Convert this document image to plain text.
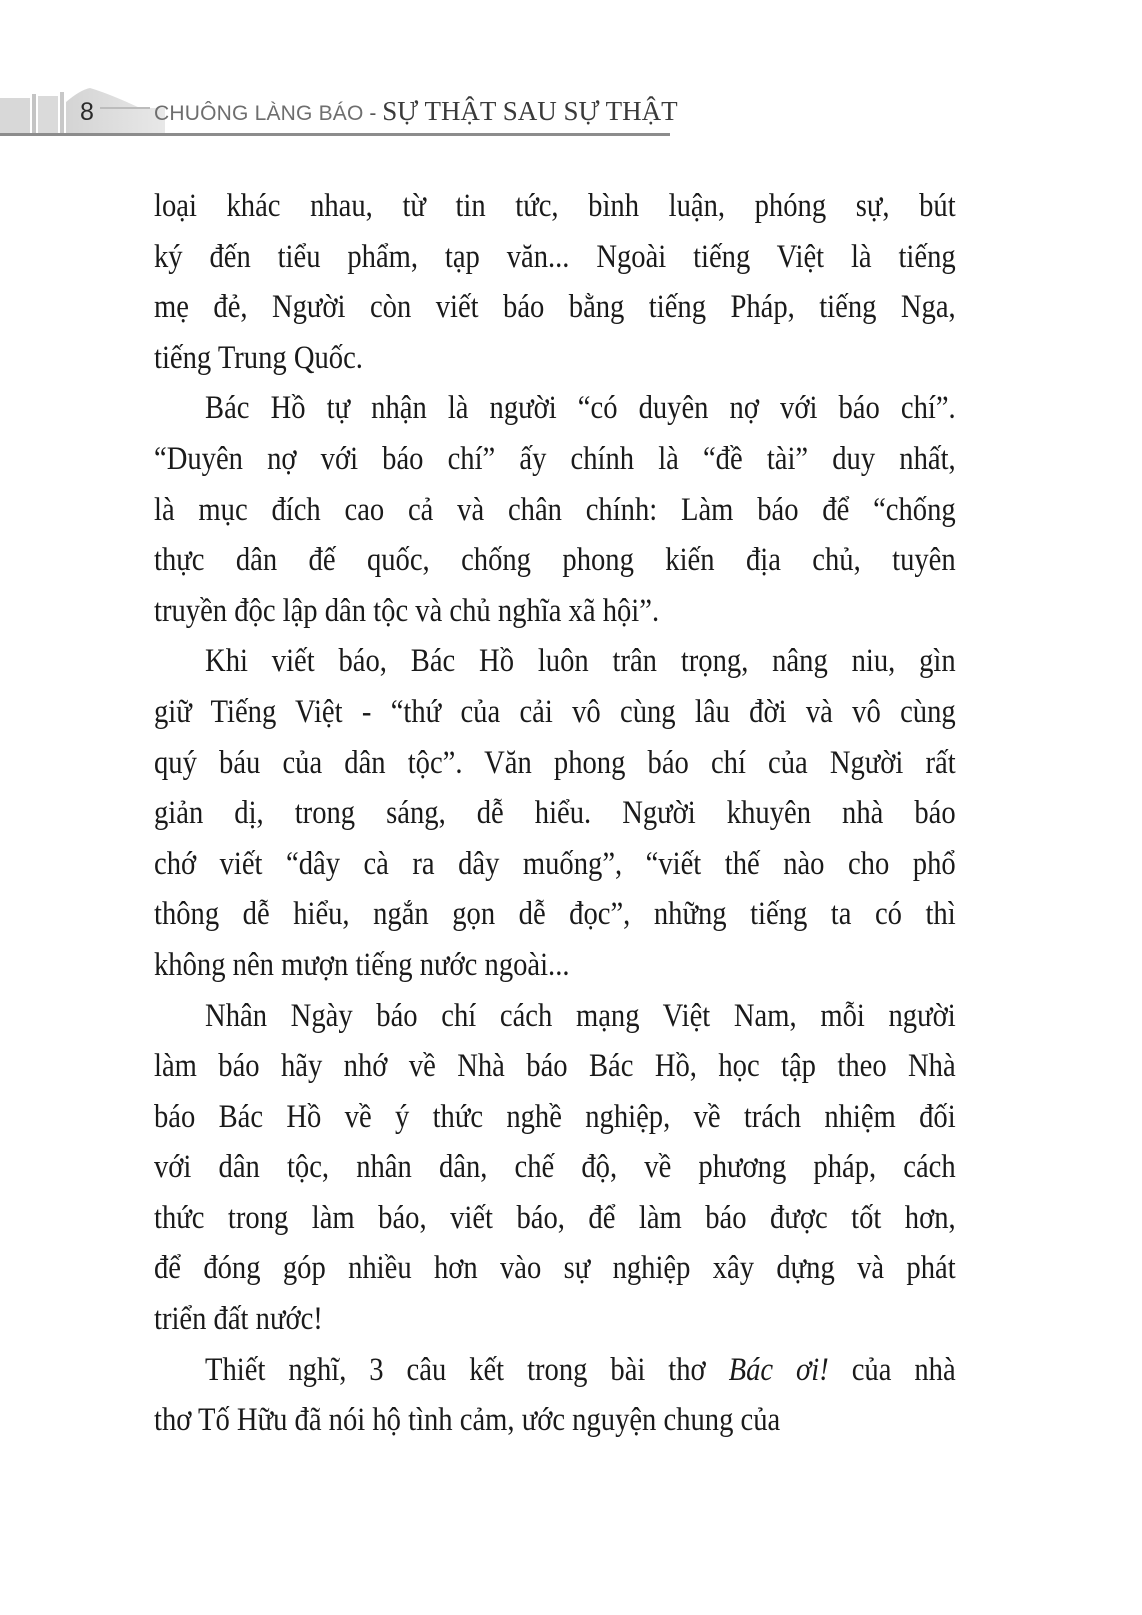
8	CHUÔNG LÀNG BÁO - SỰ THẬT SAU SỰ THẬT
loại khác nhau, từ tin tức, bình luận, phóng sự, bút
ký đến tiểu phẩm, tạp văn... Ngoài tiếng Việt là tiếng
mẹ đẻ, Người còn viết báo bằng tiếng Pháp, tiếng Nga,
tiếng Trung Quốc.
Bác Hồ tự nhận là người “có duyên nợ với báo chí”.
“Duyên nợ với báo chí” ấy chính là “đề tài” duy nhất,
là mục đích cao cả và chân chính: Làm báo để “chống
thực dân đế quốc, chống phong kiến địa chủ, tuyên
truyền độc lập dân tộc và chủ nghĩa xã hội”.
Khi viết báo, Bác Hồ luôn trân trọng, nâng niu, gìn
giữ Tiếng Việt - “thứ của cải vô cùng lâu đời và vô cùng
quý báu của dân tộc”. Văn phong báo chí của Người rất
giản dị, trong sáng, dễ hiểu. Người khuyên nhà báo
chớ viết “dây cà ra dây muống”, “viết thế nào cho phổ
thông dễ hiểu, ngắn gọn dễ đọc”, những tiếng ta có thì
không nên mượn tiếng nước ngoài...
Nhân Ngày báo chí cách mạng Việt Nam, mỗi người
làm báo hãy nhớ về Nhà báo Bác Hồ, học tập theo Nhà
báo Bác Hồ về ý thức nghề nghiệp, về trách nhiệm đối
với dân tộc, nhân dân, chế độ, về phương pháp, cách
thức trong làm báo, viết báo, để làm báo được tốt hơn,
để đóng góp nhiều hơn vào sự nghiệp xây dựng và phát
triển đất nước!
Thiết nghĩ, 3 câu kết trong bài thơ Bác ơi! của nhà
thơ Tố Hữu đã nói hộ tình cảm, ước nguyện chung của
